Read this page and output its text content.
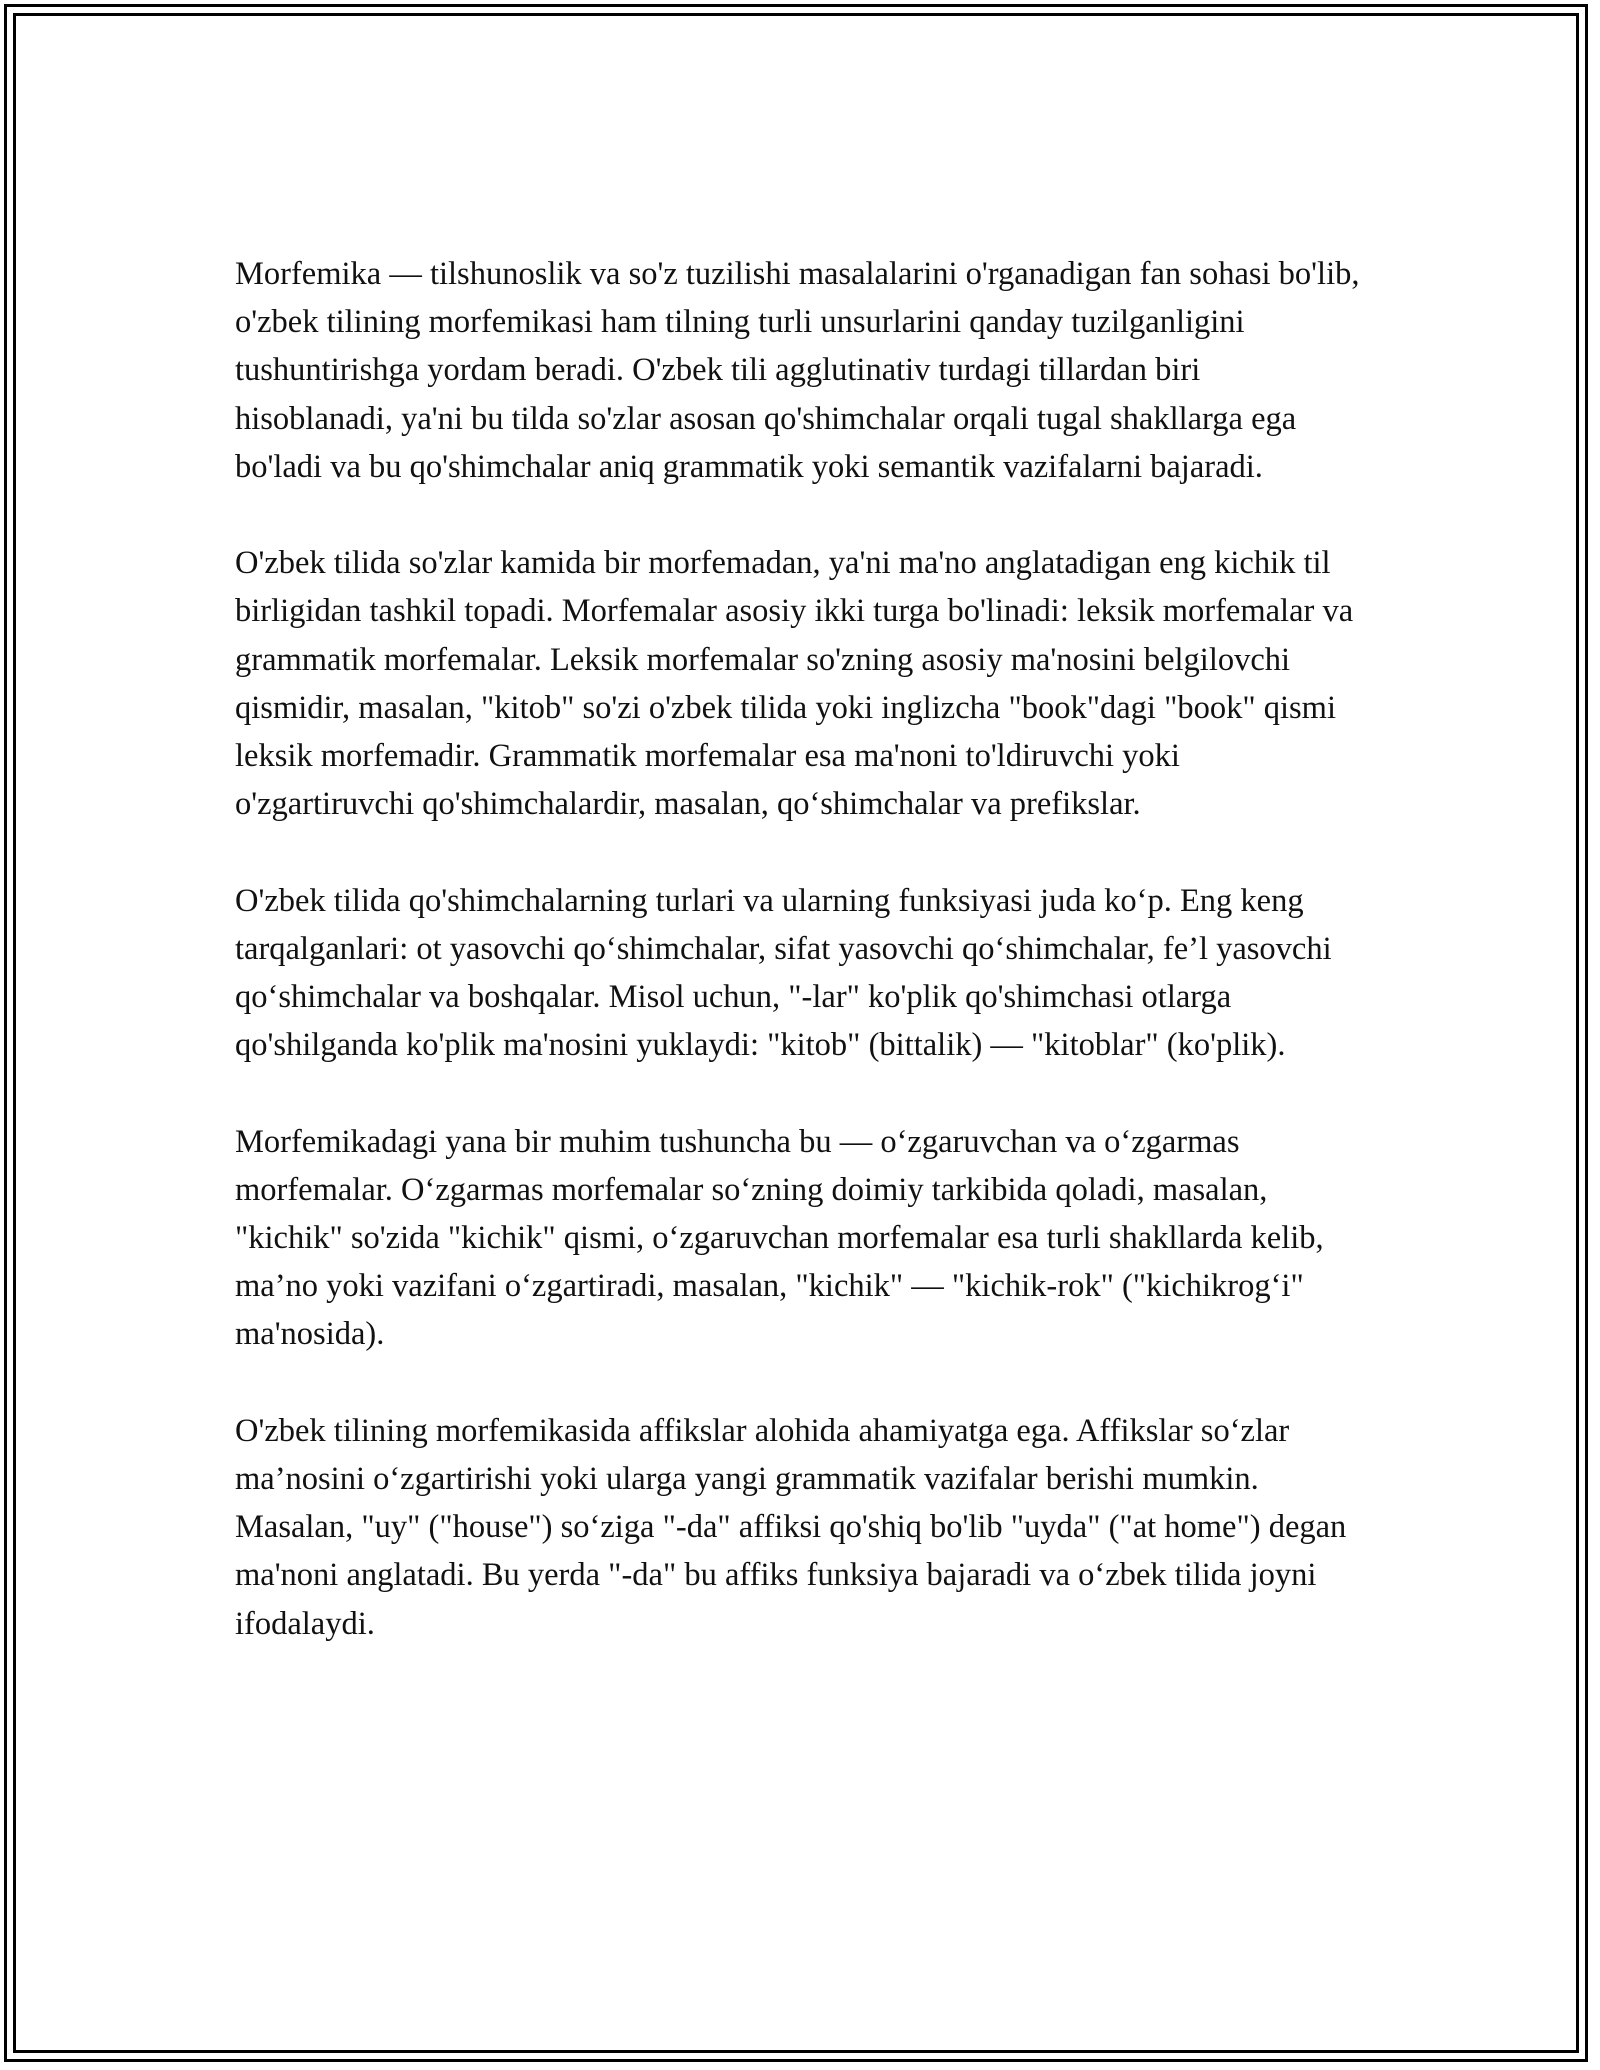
Morfemika — tilshunoslik va so'z tuzilishi masalalarini o'rganadigan fan sohasi bo'lib, o'zbek tilining morfemikasi ham tilning turli unsurlarini qanday tuzilganligini tushuntirishga yordam beradi. O'zbek tili agglutinativ turdagi tillardan biri hisoblanadi, ya'ni bu tilda so'zlar asosan qo'shimchalar orqali tugal shakllarga ega bo'ladi va bu qo'shimchalar aniq grammatik yoki semantik vazifalarni bajaradi.

O'zbek tilida so'zlar kamida bir morfemadan, ya'ni ma'no anglatadigan eng kichik til birligidan tashkil topadi. Morfemalar asosiy ikki turga bo'linadi: leksik morfemalar va grammatik morfemalar. Leksik morfemalar so'zning asosiy ma'nosini belgilovchi qismidir, masalan, "kitob" so'zi o'zbek tilida yoki inglizcha "book"dagi "book" qismi leksik morfemadir. Grammatik morfemalar esa ma'noni to'ldiruvchi yoki o'zgartiruvchi qo'shimchalardir, masalan, qo‘shimchalar va prefikslar.

O'zbek tilida qo'shimchalarning turlari va ularning funksiyasi juda ko‘p. Eng keng tarqalganlari: ot yasovchi qo‘shimchalar, sifat yasovchi qo‘shimchalar, fe’l yasovchi qo‘shimchalar va boshqalar. Misol uchun, "-lar" ko'plik qo'shimchasi otlarga qo'shilganda ko'plik ma'nosini yuklaydi: "kitob" (bittalik) — "kitoblar" (ko'plik).

Morfemikadagi yana bir muhim tushuncha bu — o‘zgaruvchan va o‘zgarmas morfemalar. O‘zgarmas morfemalar so‘zning doimiy tarkibida qoladi, masalan, "kichik" so'zida "kichik" qismi, o‘zgaruvchan morfemalar esa turli shakllarda kelib, ma’no yoki vazifani o‘zgartiradi, masalan, "kichik" — "kichik-rok" ("kichikrog‘i" ma'nosida).

O'zbek tilining morfemikasida affikslar alohida ahamiyatga ega. Affikslar so‘zlar ma’nosini o‘zgartirishi yoki ularga yangi grammatik vazifalar berishi mumkin. Masalan, "uy" ("house") so‘ziga "-da" affiksi qo'shiq bo'lib "uyda" ("at home") degan ma'noni anglatadi. Bu yerda "-da" bu affiks funksiya bajaradi va o‘zbek tilida joyni ifodalaydi.
